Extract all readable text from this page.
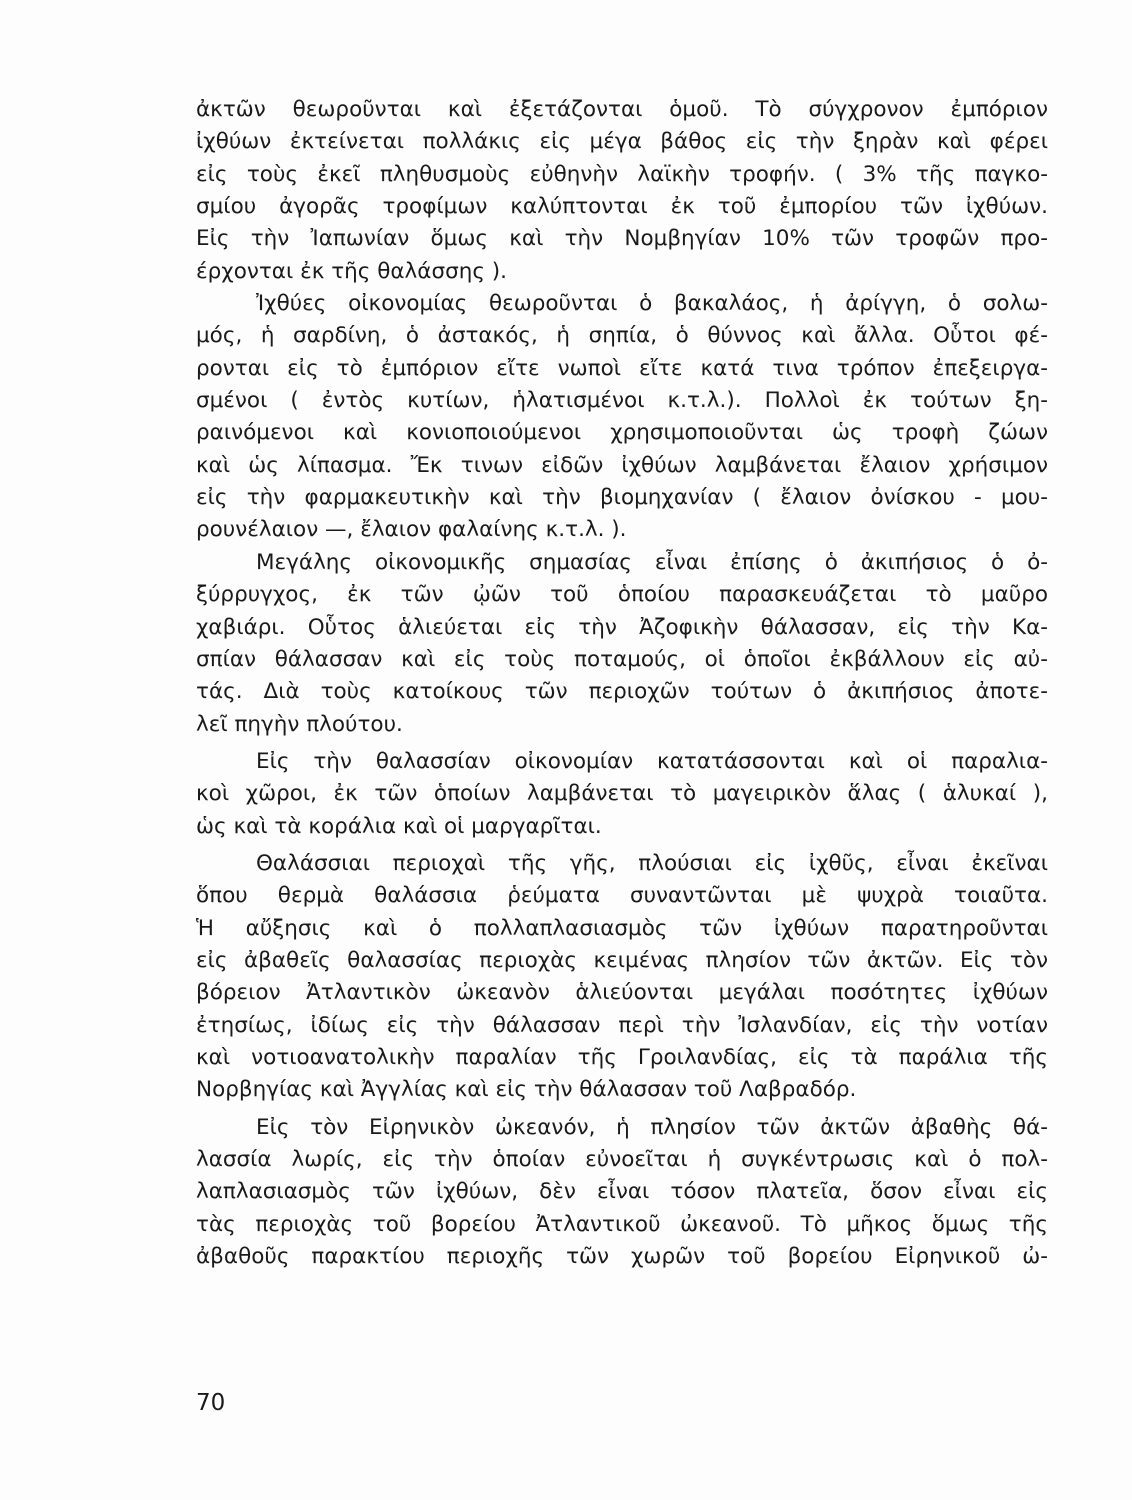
ἀκτῶν θεωροῦνται καὶ ἐξετάζονται ὁμοῦ. Τὸ σύγχρονον ἐμπόριον
ἰχθύων ἐκτείνεται πολλάκις εἰς μέγα βάθος εἰς τὴν ξηρὰν καὶ φέρει
εἰς τοὺς ἐκεῖ πληθυσμοὺς εὐθηνὴν λαϊκὴν τροφήν. ( 3% τῆς παγκο-
σμίου ἀγορᾶς τροφίμων καλύπτονται ἐκ τοῦ ἐμπορίου τῶν ἰχθύων.
Εἰς τὴν Ἰαπωνίαν ὅμως καὶ τὴν Νομβηγίαν 10% τῶν τροφῶν προ-
έρχονται ἐκ τῆς θαλάσσης ).
Ἰχθύες οἰκονομίας θεωροῦνται ὁ βακαλάος, ἡ ἀρίγγη, ὁ σολω-
μός, ἡ σαρδίνη, ὁ ἀστακός, ἡ σηπία, ὁ θύννος καὶ ἄλλα. Οὗτοι φέ-
ρονται εἰς τὸ ἐμπόριον εἴτε νωποὶ εἴτε κατά τινα τρόπον ἐπεξειργα-
σμένοι ( ἐντὸς κυτίων, ἡλατισμένοι κ.τ.λ.). Πολλοὶ ἐκ τούτων ξη-
ραινόμενοι καὶ κονιοποιούμενοι χρησιμοποιοῦνται ὡς τροφὴ ζώων
καὶ ὡς λίπασμα. Ἔκ τινων εἰδῶν ἰχθύων λαμβάνεται ἔλαιον χρήσιμον
εἰς τὴν φαρμακευτικὴν καὶ τὴν βιομηχανίαν ( ἔλαιον ὀνίσκου - μου-
ρουνέλαιον —, ἔλαιον φαλαίνης κ.τ.λ. ).
Μεγάλης οἰκονομικῆς σημασίας εἶναι ἐπίσης ὁ ἀκιπήσιος ὁ ὀ-
ξύρρυγχος, ἐκ τῶν ᾠῶν τοῦ ὁποίου παρασκευάζεται τὸ μαῦρο
χαβιάρι. Οὗτος ἁλιεύεται εἰς τὴν Ἀζοφικὴν θάλασσαν, εἰς τὴν Κα-
σπίαν θάλασσαν καὶ εἰς τοὺς ποταμούς, οἱ ὁποῖοι ἐκβάλλουν εἰς αὐ-
τάς. Διὰ τοὺς κατοίκους τῶν περιοχῶν τούτων ὁ ἀκιπήσιος ἀποτε-
λεῖ πηγὴν πλούτου.
Εἰς τὴν θαλασσίαν οἰκονομίαν κατατάσσονται καὶ οἱ παραλια-
κοὶ χῶροι, ἐκ τῶν ὁποίων λαμβάνεται τὸ μαγειρικὸν ἅλας ( ἁλυκαί ),
ὡς καὶ τὰ κοράλια καὶ οἱ μαργαρῖται.
Θαλάσσιαι περιοχαὶ τῆς γῆς, πλούσιαι εἰς ἰχθῦς, εἶναι ἐκεῖναι
ὅπου θερμὰ θαλάσσια ῥεύματα συναντῶνται μὲ ψυχρὰ τοιαῦτα.
Ἡ αὔξησις καὶ ὁ πολλαπλασιασμὸς τῶν ἰχθύων παρατηροῦνται
εἰς ἀβαθεῖς θαλασσίας περιοχὰς κειμένας πλησίον τῶν ἀκτῶν. Εἰς τὸν
βόρειον Ἀτλαντικὸν ὠκεανὸν ἁλιεύονται μεγάλαι ποσότητες ἰχθύων
ἐτησίως, ἰδίως εἰς τὴν θάλασσαν περὶ τὴν Ἰσλανδίαν, εἰς τὴν νοτίαν
καὶ νοτιοανατολικὴν παραλίαν τῆς Γροιλανδίας, εἰς τὰ παράλια τῆς
Νορβηγίας καὶ Ἀγγλίας καὶ εἰς τὴν θάλασσαν τοῦ Λαβραδόρ.
Εἰς τὸν Εἰρηνικὸν ὠκεανόν, ἡ πλησίον τῶν ἀκτῶν ἀβαθὴς θά-
λασσία λωρίς, εἰς τὴν ὁποίαν εὐνοεῖται ἡ συγκέντρωσις καὶ ὁ πολ-
λαπλασιασμὸς τῶν ἰχθύων, δὲν εἶναι τόσον πλατεῖα, ὅσον εἶναι εἰς
τὰς περιοχὰς τοῦ βορείου Ἀτλαντικοῦ ὠκεανοῦ. Τὸ μῆκος ὅμως τῆς
ἀβαθοῦς παρακτίου περιοχῆς τῶν χωρῶν τοῦ βορείου Εἰρηνικοῦ ὠ-
70
